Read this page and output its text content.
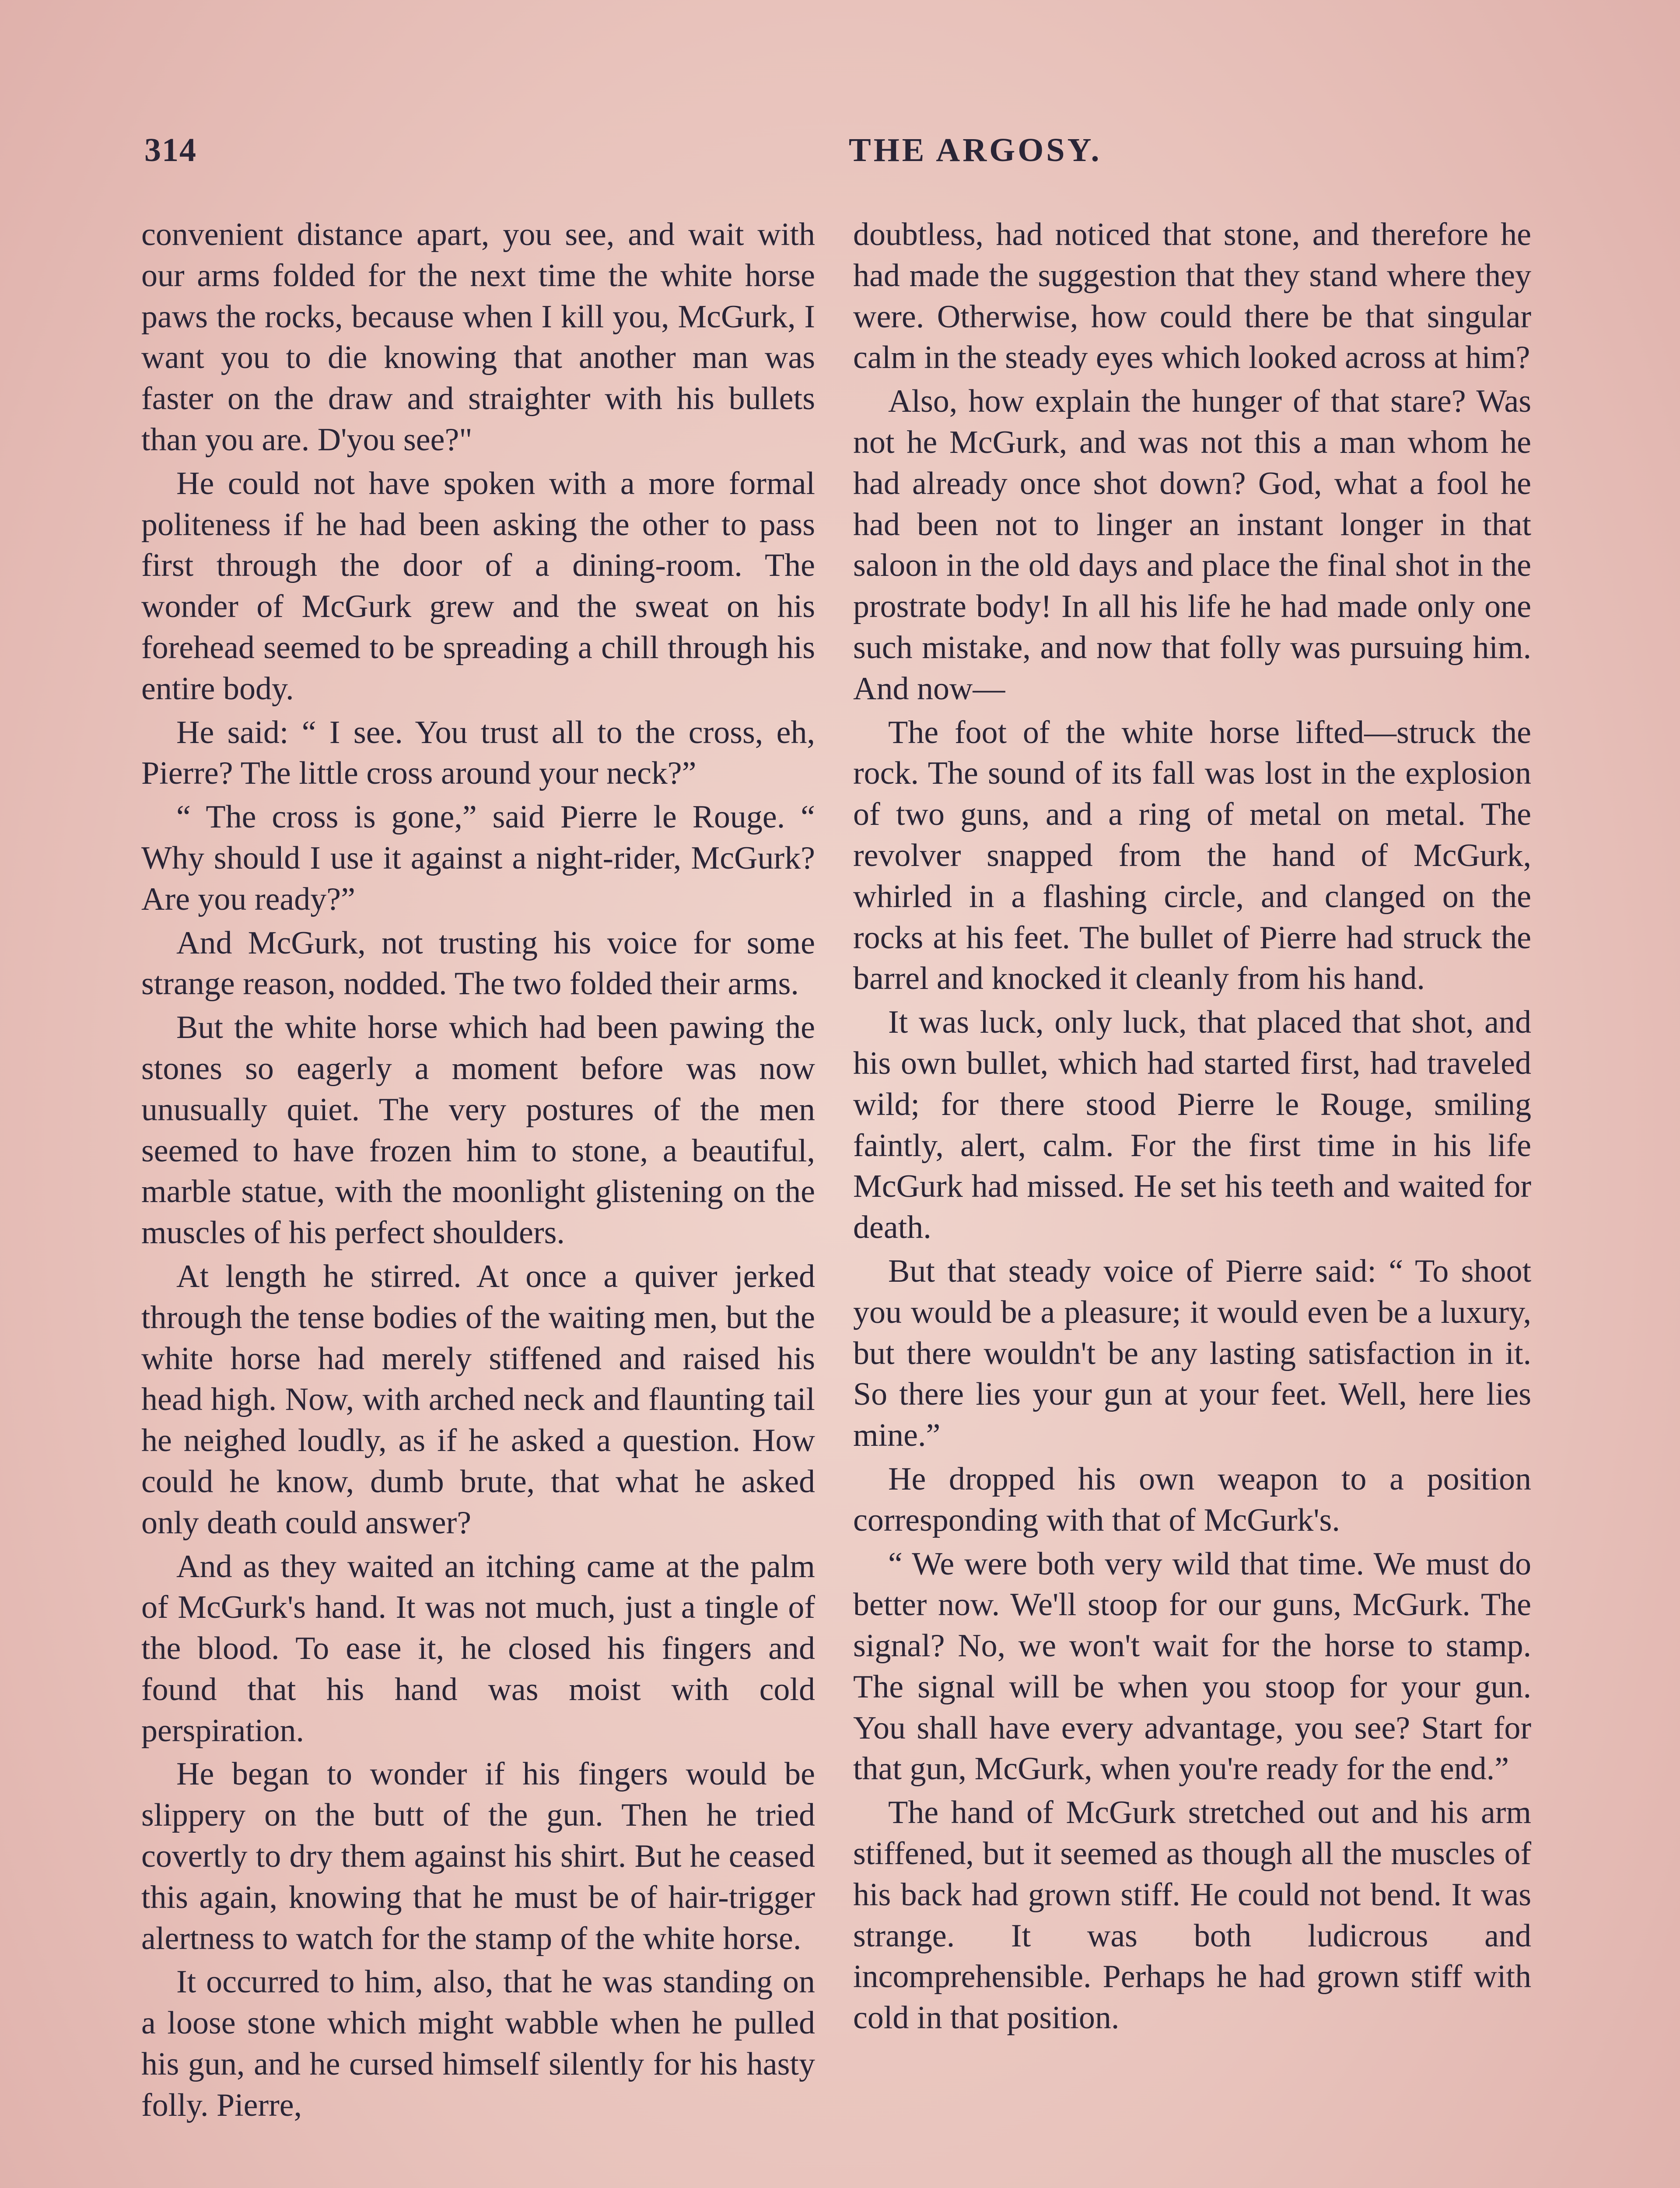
314	THE ARGOSY.

convenient distance apart, you see, and wait with our arms folded for the next time the white horse paws the rocks, because when I kill you, McGurk, I want you to die knowing that another man was faster on the draw and straighter with his bullets than you are. D'you see?"

He could not have spoken with a more formal politeness if he had been asking the other to pass first through the door of a dining-room. The wonder of McGurk grew and the sweat on his forehead seemed to be spreading a chill through his entire body.

He said: “ I see. You trust all to the cross, eh, Pierre? The little cross around your neck?”

“ The cross is gone,” said Pierre le Rouge. “ Why should I use it against a night-rider, McGurk? Are you ready?”

And McGurk, not trusting his voice for some strange reason, nodded. The two folded their arms.

But the white horse which had been pawing the stones so eagerly a moment before was now unusually quiet. The very postures of the men seemed to have frozen him to stone, a beautiful, marble statue, with the moonlight glistening on the muscles of his perfect shoulders.

At length he stirred. At once a quiver jerked through the tense bodies of the waiting men, but the white horse had merely stiffened and raised his head high. Now, with arched neck and flaunting tail he neighed loudly, as if he asked a question. How could he know, dumb brute, that what he asked only death could answer?

And as they waited an itching came at the palm of McGurk's hand. It was not much, just a tingle of the blood. To ease it, he closed his fingers and found that his hand was moist with cold perspiration.

He began to wonder if his fingers would be slippery on the butt of the gun. Then he tried covertly to dry them against his shirt. But he ceased this again, knowing that he must be of hair-trigger alertness to watch for the stamp of the white horse.

It occurred to him, also, that he was standing on a loose stone which might wabble when he pulled his gun, and he cursed himself silently for his hasty folly. Pierre,

doubtless, had noticed that stone, and therefore he had made the suggestion that they stand where they were. Otherwise, how could there be that singular calm in the steady eyes which looked across at him?

Also, how explain the hunger of that stare? Was not he McGurk, and was not this a man whom he had already once shot down? God, what a fool he had been not to linger an instant longer in that saloon in the old days and place the final shot in the prostrate body! In all his life he had made only one such mistake, and now that folly was pursuing him. And now—

The foot of the white horse lifted—struck the rock. The sound of its fall was lost in the explosion of two guns, and a ring of metal on metal. The revolver snapped from the hand of McGurk, whirled in a flashing circle, and clanged on the rocks at his feet. The bullet of Pierre had struck the barrel and knocked it cleanly from his hand.

It was luck, only luck, that placed that shot, and his own bullet, which had started first, had traveled wild; for there stood Pierre le Rouge, smiling faintly, alert, calm. For the first time in his life McGurk had missed. He set his teeth and waited for death.

But that steady voice of Pierre said: “ To shoot you would be a pleasure; it would even be a luxury, but there wouldn't be any lasting satisfaction in it. So there lies your gun at your feet. Well, here lies mine.”

He dropped his own weapon to a position corresponding with that of McGurk's.

“ We were both very wild that time. We must do better now. We'll stoop for our guns, McGurk. The signal? No, we won't wait for the horse to stamp. The signal will be when you stoop for your gun. You shall have every advantage, you see? Start for that gun, McGurk, when you're ready for the end.”

The hand of McGurk stretched out and his arm stiffened, but it seemed as though all the muscles of his back had grown stiff. He could not bend. It was strange. It was both ludicrous and incomprehensible. Perhaps he had grown stiff with cold in that position.
